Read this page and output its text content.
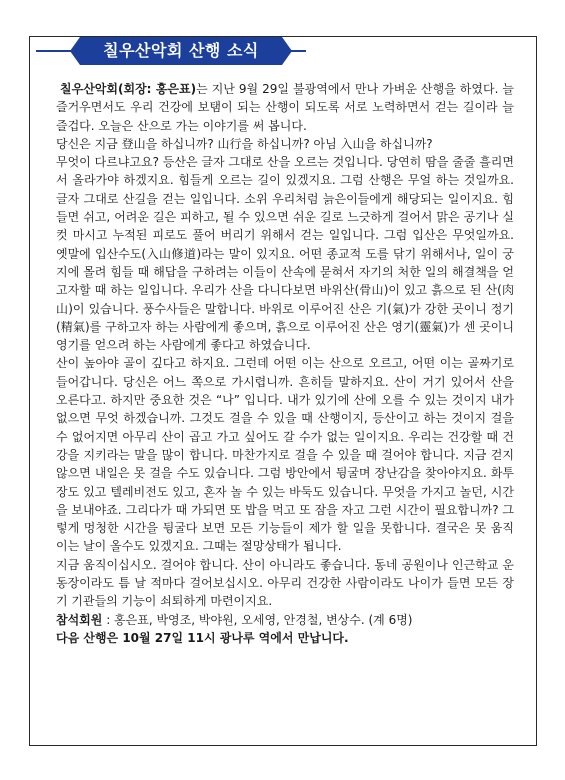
칠우산악회 산행 소식

칠우산악회(회장: 홍은표)는 지난 9월 29일 불광역에서 만나 가벼운 산행을 하였다. 늘 즐거우면서도 우리 건강에 보탬이 되는 산행이 되도록 서로 노력하면서 걷는 길이라 늘 즐겁다. 오늘은 산으로 가는 이야기를 써 봅니다.

당신은 지금 登山을 하십니까? 山行을 하십니까? 아님 入山을 하십니까?

무엇이 다르냐고요? 등산은 글자 그대로 산을 오르는 것입니다. 당연히 땀을 줄줄 흘리면서 올라가야 하겠지요. 힘들게 오르는 길이 있겠지요. 그럼 산행은 무얼 하는 것일까요. 글자 그대로 산길을 걷는 일입니다. 소위 우리처럼 늙은이들에게 해당되는 일이지요. 힘들면 쉬고, 어려운 길은 피하고, 될 수 있으면 쉬운 길로 느긋하게 걸어서 맑은 공기나 실컷 마시고 누적된 피로도 풀어 버리기 위해서 걷는 일입니다. 그럼 입산은 무엇일까요. 옛말에 입산수도(入山修道)라는 말이 있지요. 어떤 종교적 도를 닦기 위해서나, 일이 궁지에 몰려 힘들 때 해답을 구하려는 이들이 산속에 묻혀서 자기의 처한 일의 해결책을 얻고자할 때 하는 일입니다. 우리가 산을 다니다보면 바위산(骨山)이 있고 흙으로 된 산(肉山)이 있습니다. 풍수사들은 말합니다. 바위로 이루어진 산은 기(氣)가 강한 곳이니 정기(精氣)를 구하고자 하는 사람에게 좋으며, 흙으로 이루어진 산은 영기(靈氣)가 센 곳이니 영기를 얻으려 하는 사람에게 좋다고 하였습니다.

산이 높아야 골이 깊다고 하지요. 그런데 어떤 이는 산으로 오르고, 어떤 이는 골짜기로 들어갑니다. 당신은 어느 쪽으로 가시렵니까. 흔히들 말하지요. 산이 거기 있어서 산을 오른다고. 하지만 중요한 것은 “나” 입니다. 내가 있기에 산에 오를 수 있는 것이지 내가 없으면 무엇 하겠습니까. 그것도 걸을 수 있을 때 산행이지, 등산이고 하는 것이지 걸을 수 없어지면 아무리 산이 곱고 가고 싶어도 갈 수가 없는 일이지요. 우리는 건강할 때 건강을 지키라는 말을 많이 합니다. 마찬가지로 걸을 수 있을 때 걸어야 합니다. 지금 걷지 않으면 내일은 못 걸을 수도 있습니다. 그럼 방안에서 뒹굴며 장난감을 찾아야지요. 화투장도 있고 텔레비전도 있고, 혼자 놀 수 있는 바둑도 있습니다. 무엇을 가지고 놀던, 시간을 보내야죠. 그리다가 때 가되면 또 밥을 먹고 또 잠을 자고 그런 시간이 필요합니까? 그렇게 멍청한 시간을 뒹굴다 보면 모든 기능들이 제가 할 일을 못합니다. 결국은 못 움직이는 날이 올수도 있겠지요. 그때는 절망상태가 됩니다.

지금 움직이십시오. 걸어야 합니다. 산이 아니라도 좋습니다. 동네 공원이나 인근학교 운동장이라도 틈 날 적마다 걸어보십시오. 아무리 건강한 사람이라도 나이가 들면 모든 장기 기관들의 기능이 쇠퇴하게 마련이지요.

참석회원 : 홍은표, 박영조, 박야원, 오세영, 안경철, 변상수. (계 6명)

다음 산행은 10월 27일 11시 광나루 역에서 만납니다.
